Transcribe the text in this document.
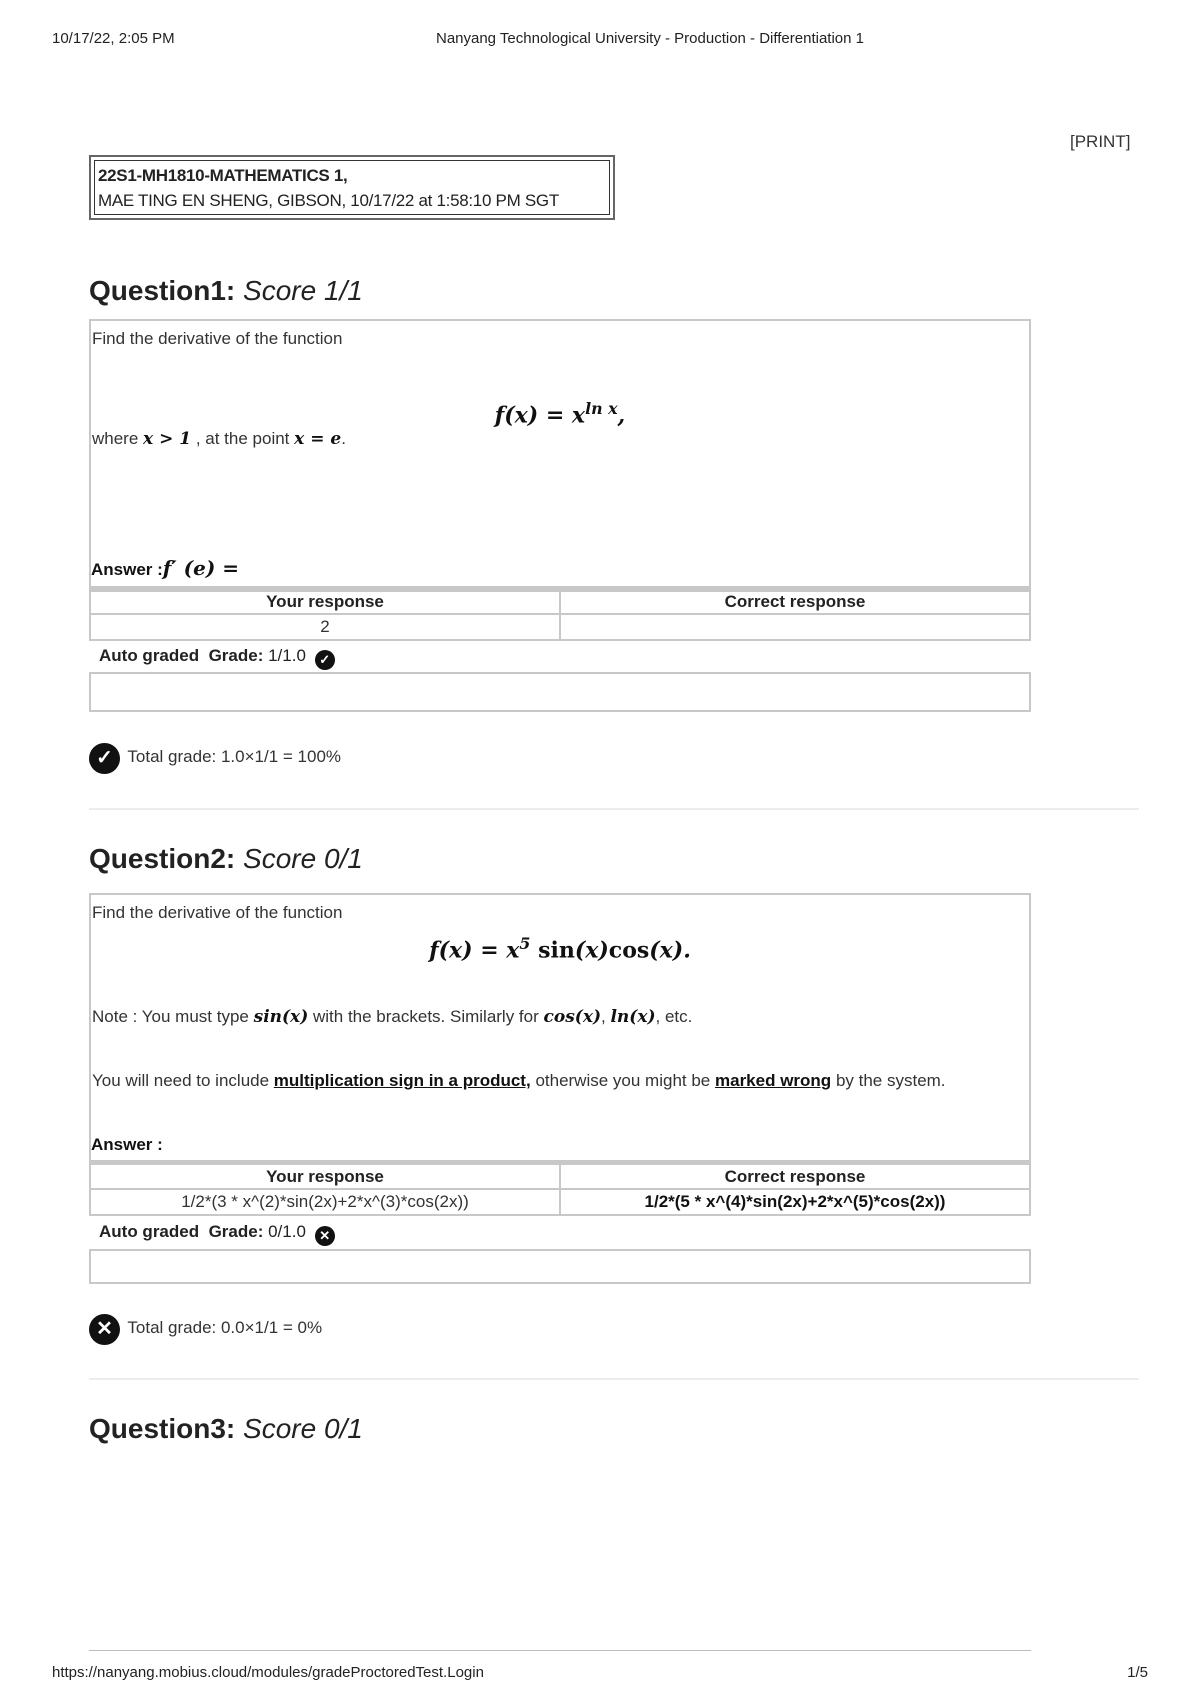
10/17/22, 2:05 PM	Nanyang Technological University - Production - Differentiation 1
[PRINT]
22S1-MH1810-MATHEMATICS 1,
MAE TING EN SHENG, GIBSON, 10/17/22 at 1:58:10 PM SGT
Question1: Score 1/1
Find the derivative of the function
$f(x) = x^{ln x}$,
where x > 1 , at the point x = e.
Answer :f′ (e) =
Your response	Correct response
2	
Auto graded Grade: 1/1.0 ✓
✓ Total grade: 1.0×1/1 = 100%
Question2: Score 0/1
Find the derivative of the function
$f(x) = x^5$ sin(x)cos(x).
Note : You must type sin(x) with the brackets. Similarly for cos(x), ln(x), etc.
You will need to include multiplication sign in a product, otherwise you might be marked wrong by the system.
Answer :
Your response	Correct response
1/2*(3 * x^(2)*sin(2x)+2*x^(3)*cos(2x))	1/2*(5 * x^(4)*sin(2x)+2*x^(5)*cos(2x))
Auto graded Grade: 0/1.0 ✕
✕ Total grade: 0.0×1/1 = 0%
Question3: Score 0/1
https://nanyang.mobius.cloud/modules/gradeProctoredTest.Login	1/5
